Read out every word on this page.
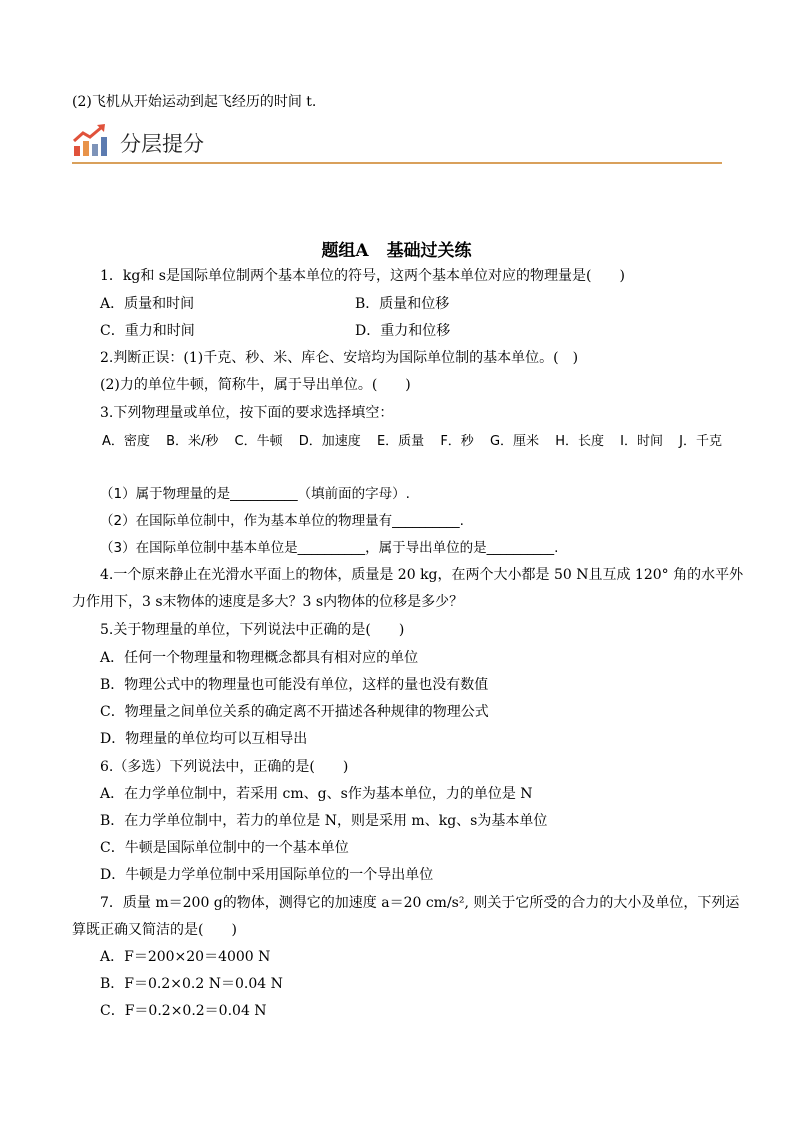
(2)飞机从开始运动到起飞经历的时间 t.
分层提分
题组A 基础过关练
1．kg和 s是国际单位制两个基本单位的符号，这两个基本单位对应的物理量是(　　)
A．质量和时间	B．质量和位移
C．重力和时间	D．重力和位移
2.判断正误：(1)千克、秒、米、库仑、安培均为国际单位制的基本单位。(　)
(2)力的单位牛顿，简称牛，属于导出单位。(　　)
3.下列物理量或单位，按下面的要求选择填空：
A．密度 B．米/秒 C．牛顿 D．加速度 E．质量 F．秒 G．厘米 H．长度 I．时间 J．千克
（1）属于物理量的是__________（填前面的字母）.
（2）在国际单位制中，作为基本单位的物理量有__________.
（3）在国际单位制中基本单位是__________，属于导出单位的是__________.
4.一个原来静止在光滑水平面上的物体，质量是 20 kg，在两个大小都是 50 N且互成 120° 角的水平外
力作用下，3 s末物体的速度是多大？3 s内物体的位移是多少？
5.关于物理量的单位，下列说法中正确的是(　　)
A．任何一个物理量和物理概念都具有相对应的单位
B．物理公式中的物理量也可能没有单位，这样的量也没有数值
C．物理量之间单位关系的确定离不开描述各种规律的物理公式
D．物理量的单位均可以互相导出
6.（多选）下列说法中，正确的是(　　)
A．在力学单位制中，若采用 cm、g、s作为基本单位，力的单位是 N
B．在力学单位制中，若力的单位是 N，则是采用 m、kg、s为基本单位
C．牛顿是国际单位制中的一个基本单位
D．牛顿是力学单位制中采用国际单位的一个导出单位
7．质量 m＝200 g的物体，测得它的加速度 a＝20 cm/s², 则关于它所受的合力的大小及单位，下列运
算既正确又简洁的是(　　)
A．F＝200×20＝4000 N
B．F＝0.2×0.2 N＝0.04 N
C．F＝0.2×0.2＝0.04 N
